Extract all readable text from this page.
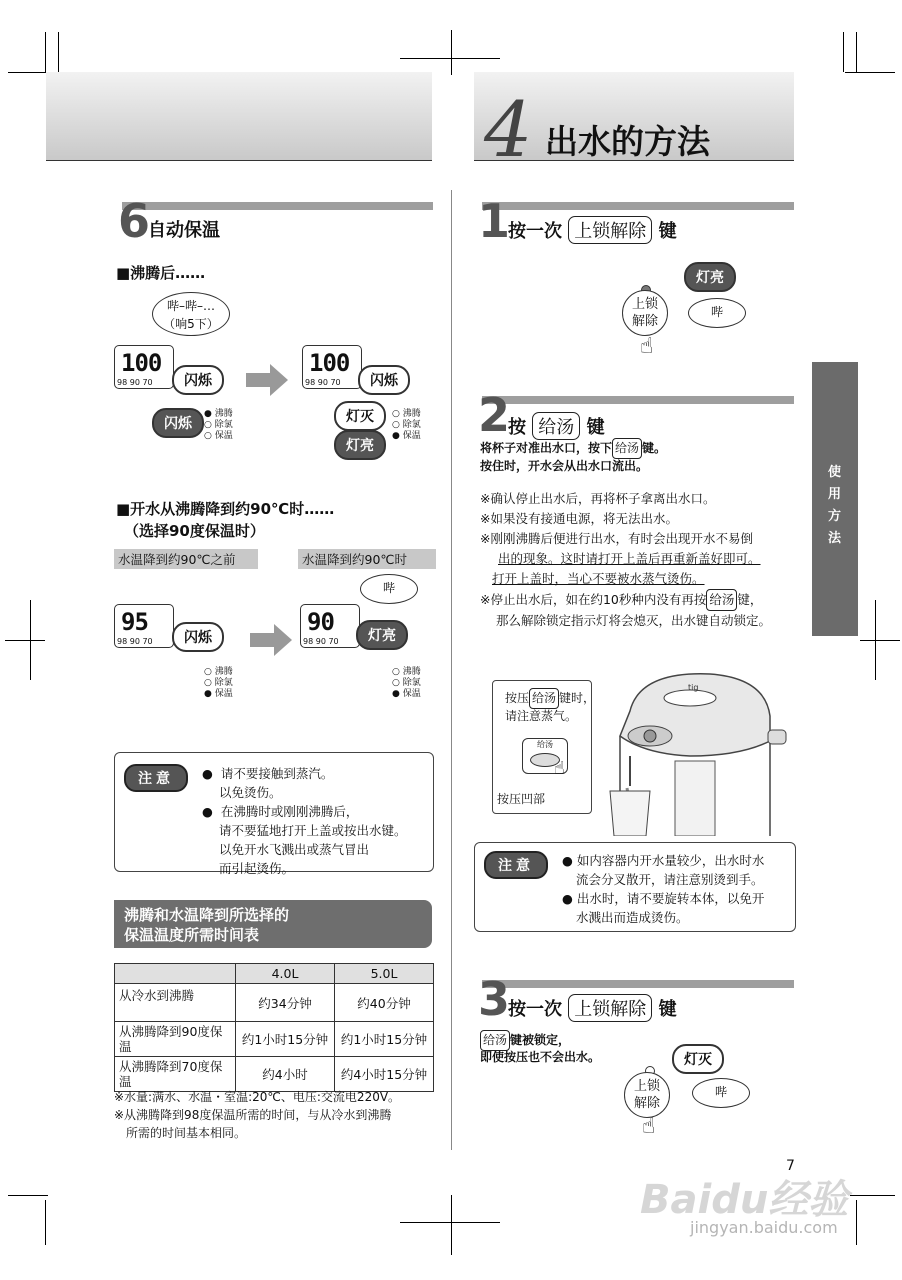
4 出水的方法
6 自动保温
■沸腾后……
哔–哔–…
（响5下）
100
98 90 70	闪烁
闪烁
● 沸腾
○ 除氯
○ 保温
100
98 90 70	闪烁
灯灭
灯亮
○ 沸腾
○ 除氯
● 保温
■开水从沸腾降到约90℃时……
（选择90度保温时）
水温降到约90℃之前	水温降到约90℃时
哔
95
98 90 70	闪烁
90
98 90 70	灯亮
○ 沸腾
○ 除氯
● 保温
○ 沸腾
○ 除氯
● 保温
注意	●  请不要接触到蒸汽。
以免烫伤。
●  在沸腾时或刚刚沸腾后，
请不要猛地打开上盖或按出水键。
以免开水飞溅出或蒸气冒出
而引起烫伤。
沸腾和水温降到所选择的
保温温度所需时间表
	4.0L	5.0L
从冷水到沸腾	约34分钟	约40分钟
从沸腾降到90度保温	约1小时15分钟	约1小时15分钟
从沸腾降到70度保温	约4小时	约4小时15分钟
※水量:满水、水温・室温:20℃、电压:交流电220V。
※从沸腾降到98度保温所需的时间，与从冷水到沸腾
所需的时间基本相同。
1 按一次 上锁解除 键
灯亮
上锁
解除
☝
哔
2 按 给汤 键
将杯子对准出水口，按下 给汤 键。
按住时，开水会从出水口流出。
※确认停止出水后，再将杯子拿离出水口。
※如果没有接通电源，将无法出水。
※刚刚沸腾后便进行出水，有时会出现开水不易倒
出的现象。这时请打开上盖后再重新盖好即可。
打开上盖时，当心不要被水蒸气烫伤。
※停止出水后，如在约10秒种内没有再按 给汤 键，
那么解除锁定指示灯将会熄灭，出水键自动锁定。
按压 给汤 键时，
请注意蒸气。
给汤
☝
按压凹部
tig
注意	● 如内容器内开水量较少，出水时水
流会分叉散开，请注意别烫到手。
● 出水时，请不要旋转本体，以免开
水溅出而造成烫伤。
3 按一次 上锁解除 键
给汤 键被锁定，
即使按压也不会出水。	灯灭
上锁
解除
☝
哔
使
用
方
法
7
Baidu经验
jingyan.baidu.com
